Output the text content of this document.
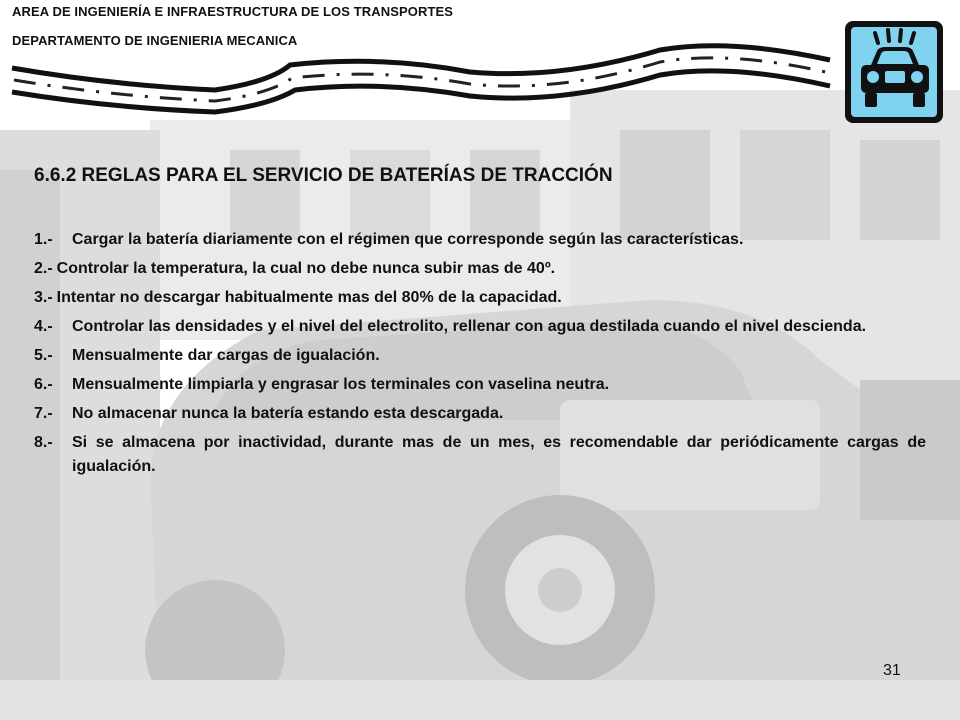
AREA DE INGENIERÍA E INFRAESTRUCTURA DE LOS TRANSPORTES
DEPARTAMENTO DE INGENIERIA MECANICA
6.6.2 REGLAS PARA EL SERVICIO DE BATERÍAS DE TRACCIÓN
1.-	Cargar la batería diariamente con el régimen que corresponde según las características.
2.- Controlar la temperatura, la cual no debe nunca subir mas de 40º.
3.- Intentar no descargar habitualmente mas del 80% de la capacidad.
4.-	Controlar las densidades y el nivel del electrolito, rellenar con agua destilada cuando el nivel descienda.
5.-	Mensualmente dar cargas de igualación.
6.-	Mensualmente limpiarla y engrasar los terminales con vaselina neutra.
7.-	No almacenar nunca la batería estando esta descargada.
8.-	Si se almacena por inactividad, durante mas de un mes, es recomendable dar periódicamente cargas de igualación.
31
